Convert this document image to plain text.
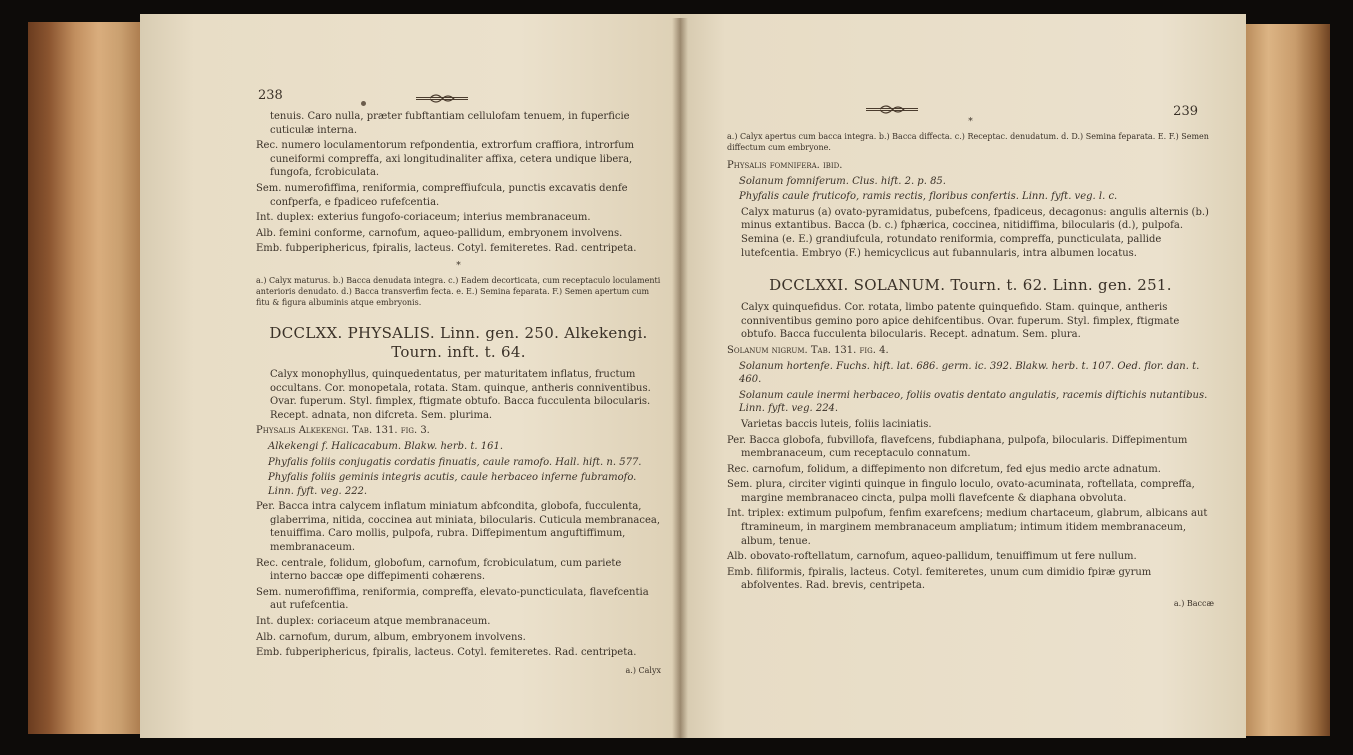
238

tenuis. Caro nulla, præter fubftantiam cellulofam tenuem, in fuperficie cuticulæ interna.

Rec. numero loculamentorum refpondentia, extrorfum craffiora, introrfum cuneiformi compreffa, axi longitudinaliter affixa, cetera undique libera, fungofa, fcrobiculata.

Sem. numerofiffima, reniformia, compreffiufcula, punctis excavatis denfe confperfa, e fpadiceo rufefcentia.

Int. duplex: exterius fungofo-coriaceum; interius membranaceum.

Alb. femini conforme, carnofum, aqueo-pallidum, embryonem involvens.

Emb. fubperiphericus, fpiralis, lacteus. Cotyl. femiteretes. Rad. centripeta.

*

a.) Calyx maturus. b.) Bacca denudata integra. c.) Eadem decorticata, cum receptaculo loculamenti anterioris denudato. d.) Bacca transverfim fecta. e. E.) Semina feparata. F.) Semen apertum cum fitu & figura albuminis atque embryonis.

DCCLXX. PHYSALIS. Linn. gen. 250. Alkekengi. Tourn. inft. t. 64.

Calyx monophyllus, quinquedentatus, per maturitatem inflatus, fructum occultans. Cor. monopetala, rotata. Stam. quinque, antheris conniventibus. Ovar. fuperum. Styl. fimplex, ftigmate obtufo. Bacca fucculenta bilocularis. Recept. adnata, non difcreta. Sem. plurima.

Physalis Alkekengi. Tab. 131. fig. 3.

Alkekengi f. Halicacabum. Blakw. herb. t. 161.

Phyfalis foliis conjugatis cordatis finuatis, caule ramofo. Hall. hift. n. 577.

Phyfalis foliis geminis integris acutis, caule herbaceo inferne fubramofo. Linn. fyft. veg. 222.

Per. Bacca intra calycem inflatum miniatum abfcondita, globofa, fucculenta, glaberrima, nitida, coccinea aut miniata, bilocularis. Cuticula membranacea, tenuiffima. Caro mollis, pulpofa, rubra. Diffepimentum anguftiffimum, membranaceum.

Rec. centrale, folidum, globofum, carnofum, fcrobiculatum, cum pariete interno baccæ ope diffepimenti cohærens.

Sem. numerofiffima, reniformia, compreffa, elevato-puncticulata, flavefcentia aut rufefcentia.

Int. duplex: coriaceum atque membranaceum.

Alb. carnofum, durum, album, embryonem involvens.

Emb. fubperiphericus, fpiralis, lacteus. Cotyl. femiteretes. Rad. centripeta.

a.) Calyx

239

*

a.) Calyx apertus cum bacca integra. b.) Bacca diffecta. c.) Receptac. denudatum. d. D.) Semina feparata. E. F.) Semen diffectum cum embryone.

Physalis fomnifera. ibid.

Solanum fomniferum. Clus. hift. 2. p. 85.

Phyfalis caule fruticofo, ramis rectis, floribus confertis. Linn. fyft. veg. l. c.

Calyx maturus (a) ovato-pyramidatus, pubefcens, fpadiceus, decagonus: angulis alternis (b.) minus extantibus. Bacca (b. c.) fphærica, coccinea, nitidiffima, bilocularis (d.), pulpofa. Semina (e. E.) grandiufcula, rotundato reniformia, compreffa, puncticulata, pallide lutefcentia. Embryo (F.) hemicyclicus aut fubannularis, intra albumen locatus.

DCCLXXI. SOLANUM. Tourn. t. 62. Linn. gen. 251.

Calyx quinquefidus. Cor. rotata, limbo patente quinquefido. Stam. quinque, antheris conniventibus gemino poro apice dehifcentibus. Ovar. fuperum. Styl. fimplex, ftigmate obtufo. Bacca fucculenta bilocularis. Recept. adnatum. Sem. plura.

Solanum nigrum. Tab. 131. fig. 4.

Solanum hortenfe. Fuchs. hift. lat. 686. germ. ic. 392. Blakw. herb. t. 107. Oed. flor. dan. t. 460.

Solanum caule inermi herbaceo, foliis ovatis dentato angulatis, racemis diftichis nutantibus. Linn. fyft. veg. 224.

Varietas baccis luteis, foliis laciniatis.

Per. Bacca globofa, fubvillofa, flavefcens, fubdiaphana, pulpofa, bilocularis. Diffepimentum membranaceum, cum receptaculo connatum.

Rec. carnofum, folidum, a diffepimento non difcretum, fed ejus medio arcte adnatum.

Sem. plura, circiter viginti quinque in fingulo loculo, ovato-acuminata, roftellata, compreffa, margine membranaceo cincta, pulpa molli flavefcente & diaphana obvoluta.

Int. triplex: extimum pulpofum, fenfim exarefcens; medium chartaceum, glabrum, albicans aut ftramineum, in marginem membranaceum ampliatum; intimum itidem membranaceum, album, tenue.

Alb. obovato-roftellatum, carnofum, aqueo-pallidum, tenuiffimum ut fere nullum.

Emb. filiformis, fpiralis, lacteus. Cotyl. femiteretes, unum cum dimidio fpiræ gyrum abfolventes. Rad. brevis, centripeta.

a.) Baccæ
